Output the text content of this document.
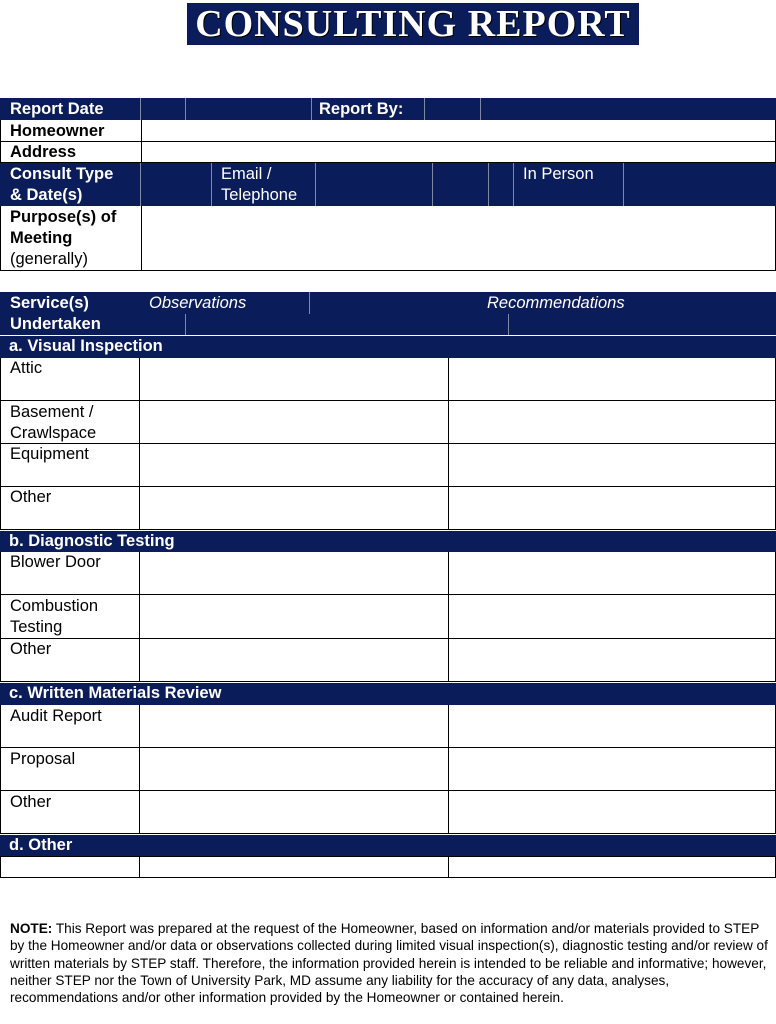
CONSULTING REPORT
Report Date	Report By:
Homeowner
Address
Consult Type
& Date(s)
Email /
Telephone
In Person
Purpose(s) of
Meeting
(generally)
Service(s)
Undertaken
Observations	Recommendations
a. Visual Inspection
Attic
Basement /
Crawlspace
Equipment
Other
b. Diagnostic Testing
Blower Door
Combustion
Testing
Other
c. Written Materials Review
Audit Report
Proposal
Other
d. Other
NOTE: This Report was prepared at the request of the Homeowner, based on information and/or materials provided to STEP by the Homeowner and/or data or observations collected during limited visual inspection(s), diagnostic testing and/or review of written materials by STEP staff. Therefore, the information provided herein is intended to be reliable and informative; however, neither STEP nor the Town of University Park, MD assume any liability for the accuracy of any data, analyses, recommendations and/or other information provided by the Homeowner or contained herein.
